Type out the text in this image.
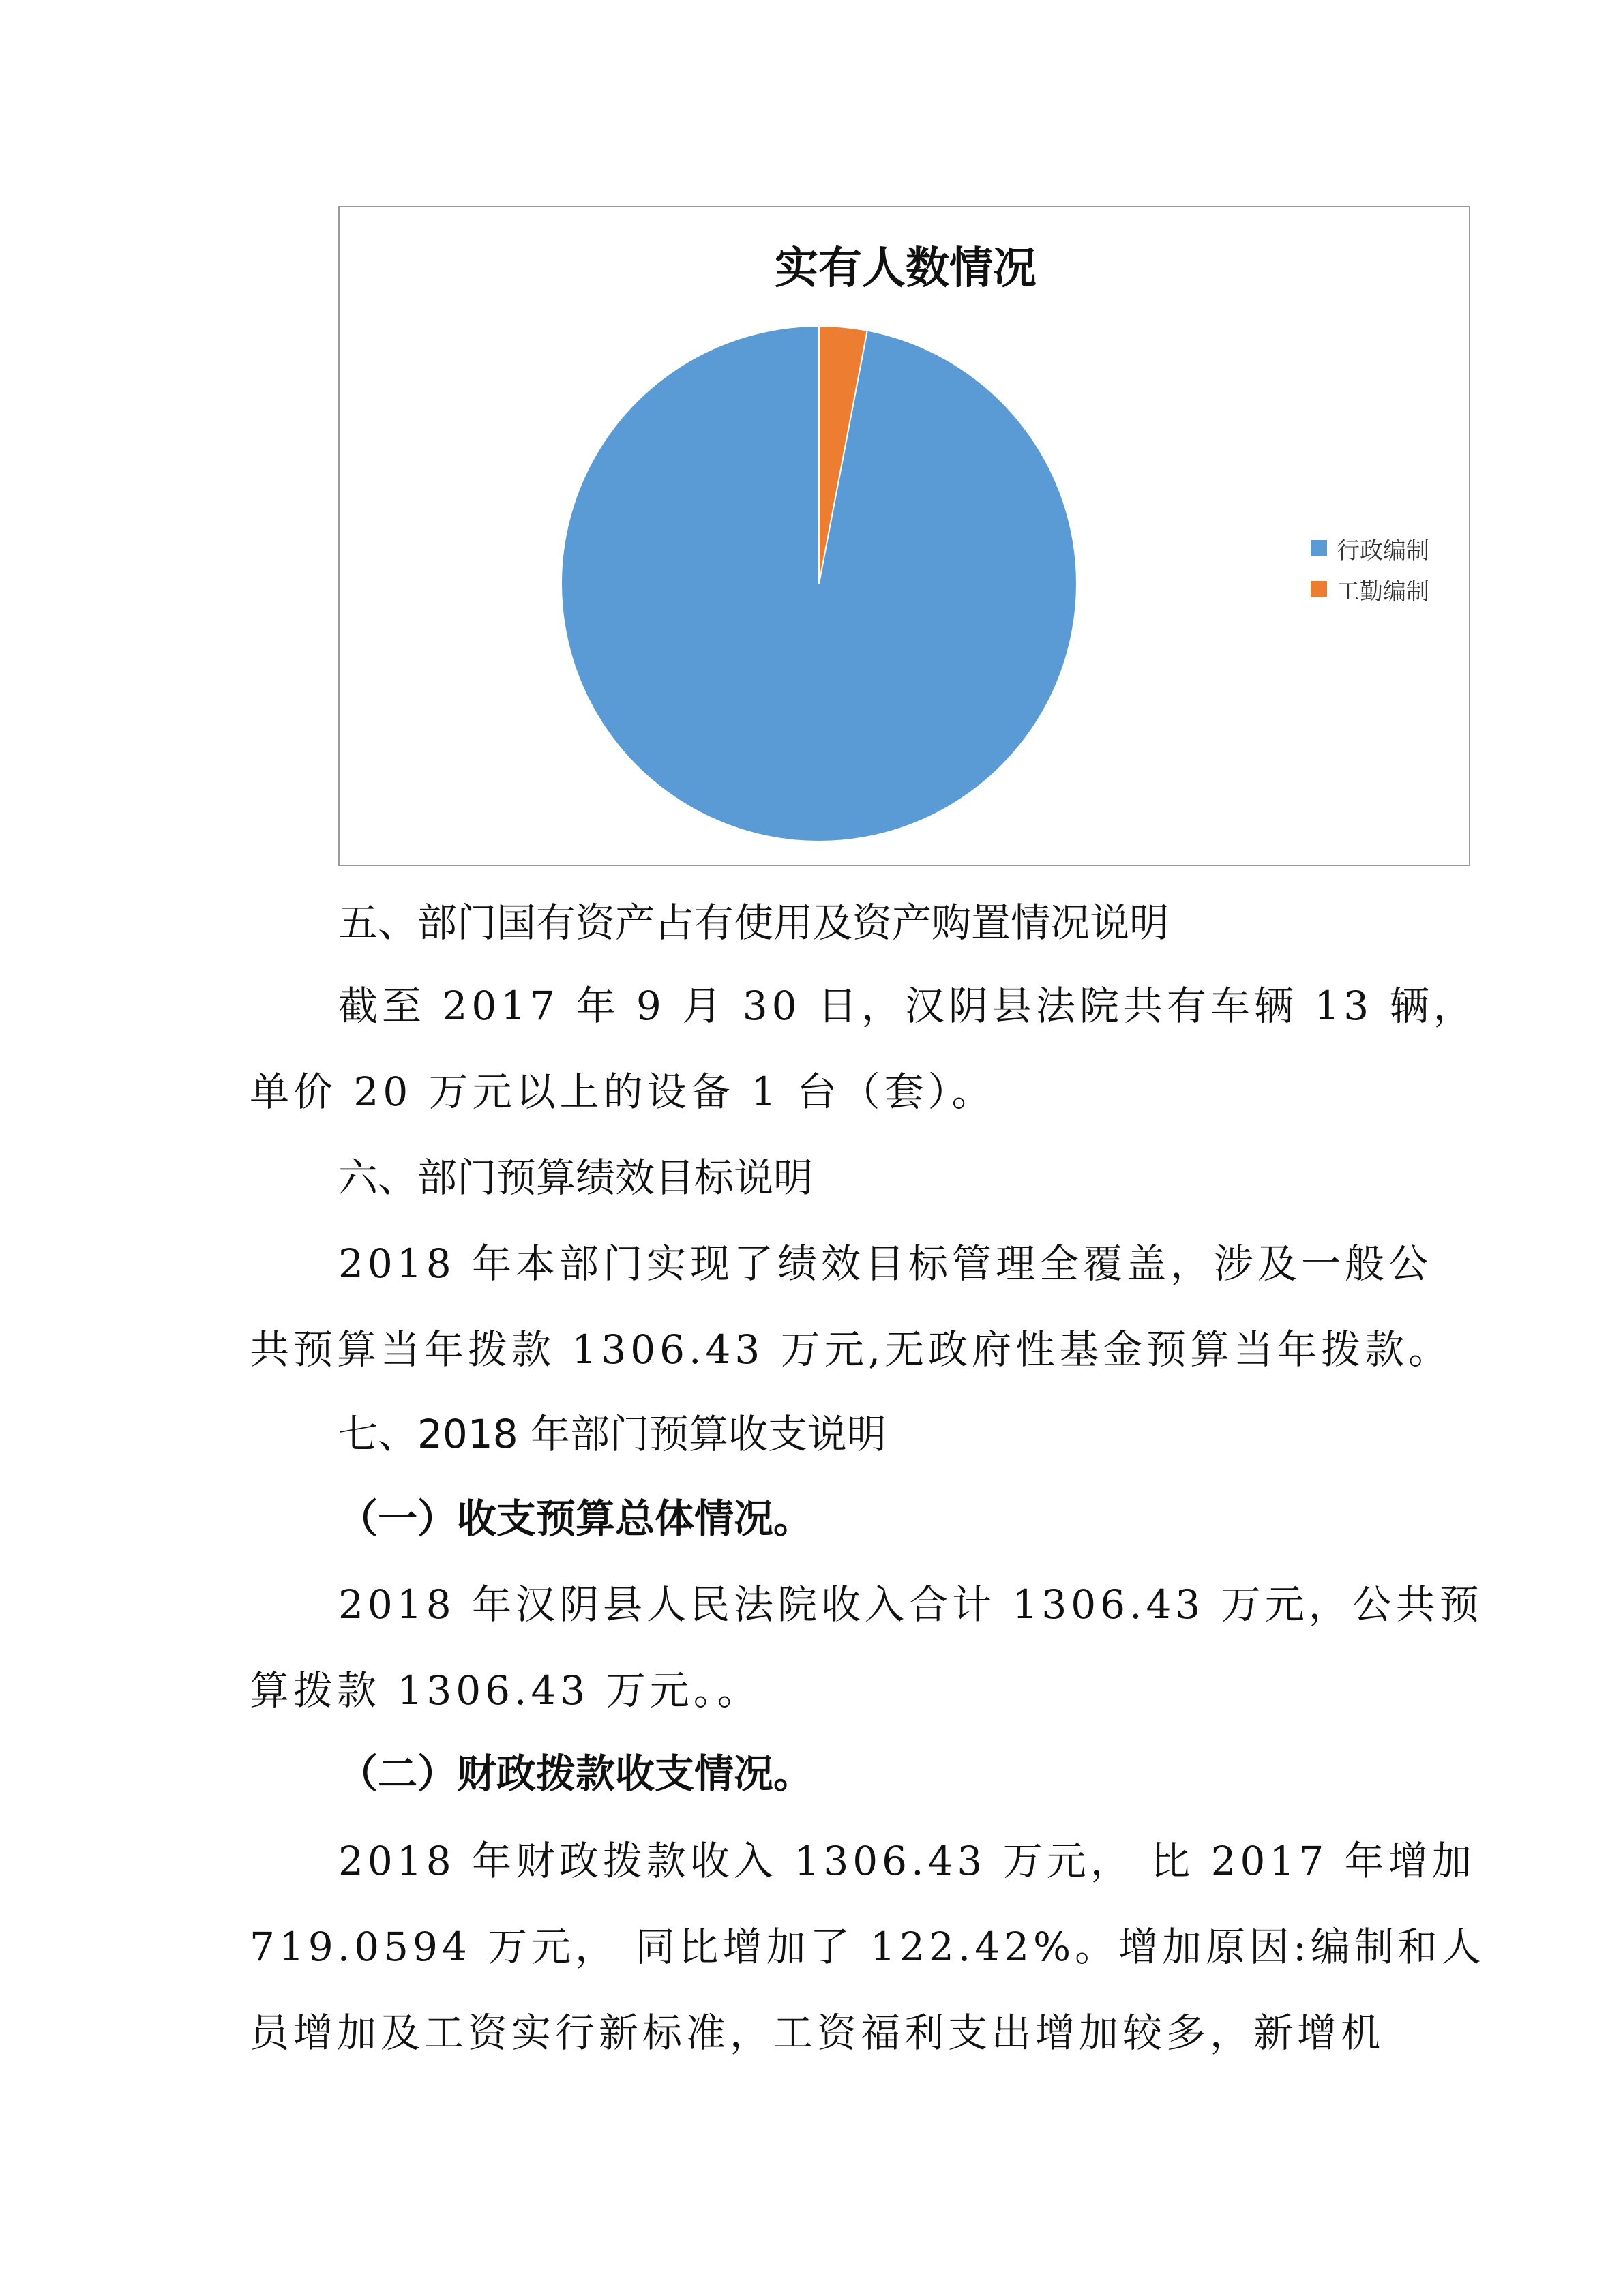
实有人数情况
行政编制
工勤编制

五、部门国有资产占有使用及资产购置情况说明

截至 2017 年 9 月 30 日，汉阴县法院共有车辆 13 辆，

单价 20 万元以上的设备 1 台（套）。

六、部门预算绩效目标说明

2018 年本部门实现了绩效目标管理全覆盖，涉及一般公

共预算当年拨款 1306.43 万元,无政府性基金预算当年拨款。

七、2018 年部门预算收支说明

（一）收支预算总体情况。

2018 年汉阴县人民法院收入合计 1306.43 万元，公共预

算拨款 1306.43 万元。。

（二）财政拨款收支情况。

2018 年财政拨款收入 1306.43 万元， 比 2017 年增加

719.0594 万元， 同比增加了 122.42%。增加原因:编制和人

员增加及工资实行新标准，工资福利支出增加较多，新增机
